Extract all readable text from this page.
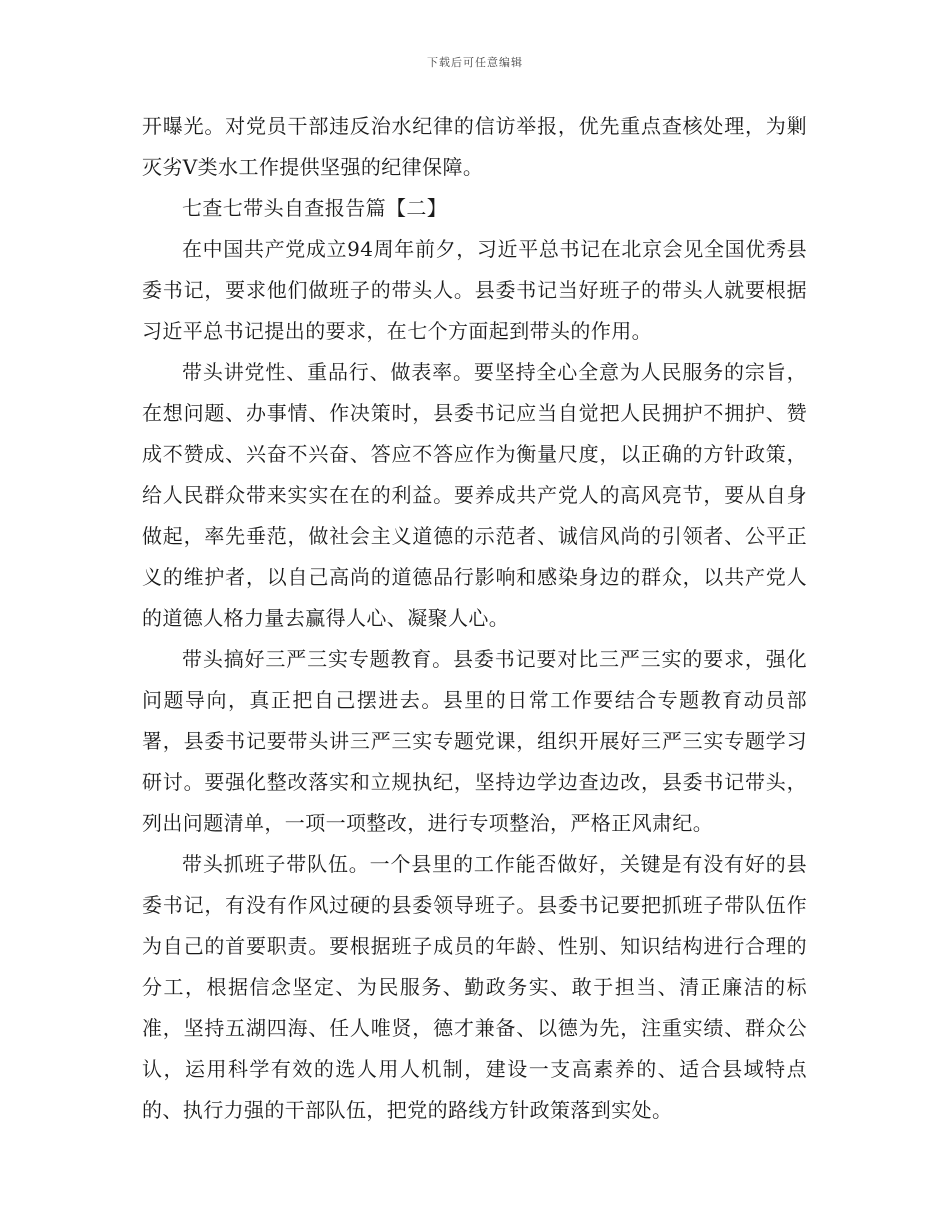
下载后可任意编辑

开曝光。对党员干部违反治水纪律的信访举报，优先重点查核处理，为剿灭劣Ⅴ类水工作提供坚强的纪律保障。

七查七带头自查报告篇【二】

在中国共产党成立94周年前夕，习近平总书记在北京会见全国优秀县委书记，要求他们做班子的带头人。县委书记当好班子的带头人就要根据习近平总书记提出的要求，在七个方面起到带头的作用。

带头讲党性、重品行、做表率。要坚持全心全意为人民服务的宗旨，在想问题、办事情、作决策时，县委书记应当自觉把人民拥护不拥护、赞成不赞成、兴奋不兴奋、答应不答应作为衡量尺度，以正确的方针政策，给人民群众带来实实在在的利益。要养成共产党人的高风亮节，要从自身做起，率先垂范，做社会主义道德的示范者、诚信风尚的引领者、公平正义的维护者，以自己高尚的道德品行影响和感染身边的群众，以共产党人的道德人格力量去赢得人心、凝聚人心。

带头搞好三严三实专题教育。县委书记要对比三严三实的要求，强化问题导向，真正把自己摆进去。县里的日常工作要结合专题教育动员部署，县委书记要带头讲三严三实专题党课，组织开展好三严三实专题学习研讨。要强化整改落实和立规执纪，坚持边学边查边改，县委书记带头，列出问题清单，一项一项整改，进行专项整治，严格正风肃纪。

带头抓班子带队伍。一个县里的工作能否做好，关键是有没有好的县委书记，有没有作风过硬的县委领导班子。县委书记要把抓班子带队伍作为自己的首要职责。要根据班子成员的年龄、性别、知识结构进行合理的分工，根据信念坚定、为民服务、勤政务实、敢于担当、清正廉洁的标准，坚持五湖四海、任人唯贤，德才兼备、以德为先，注重实绩、群众公认，运用科学有效的选人用人机制，建设一支高素养的、适合县域特点的、执行力强的干部队伍，把党的路线方针政策落到实处。
